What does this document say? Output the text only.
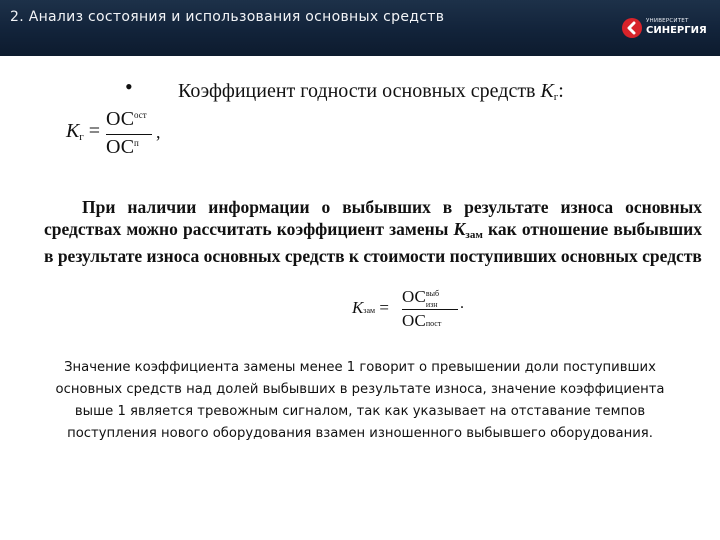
2. Анализ состояния и использования основных средств	УНИВЕРСИТЕТ
СИНЕРГИЯ
• Коэффициент годности основных средств $К_г$:
$К_г$ =
$ОС^{ост}$
$ОС^п$
,
При наличии информации о выбывших в результате износа основных средствах можно рассчитать коэффициент замены $К_{зам}$ как отношение выбывших в результате износа основных средств к стоимости поступивших основных средств
Кзам =
ОСвыб
изн
ОСпост
.
Значение коэффициента замены менее 1 говорит о превышении доли поступивших основных средств над долей выбывших в результате износа, значение коэффициента выше 1 является тревожным сигналом, так как указывает на отставание темпов поступления нового оборудования взамен изношенного выбывшего оборудования.
